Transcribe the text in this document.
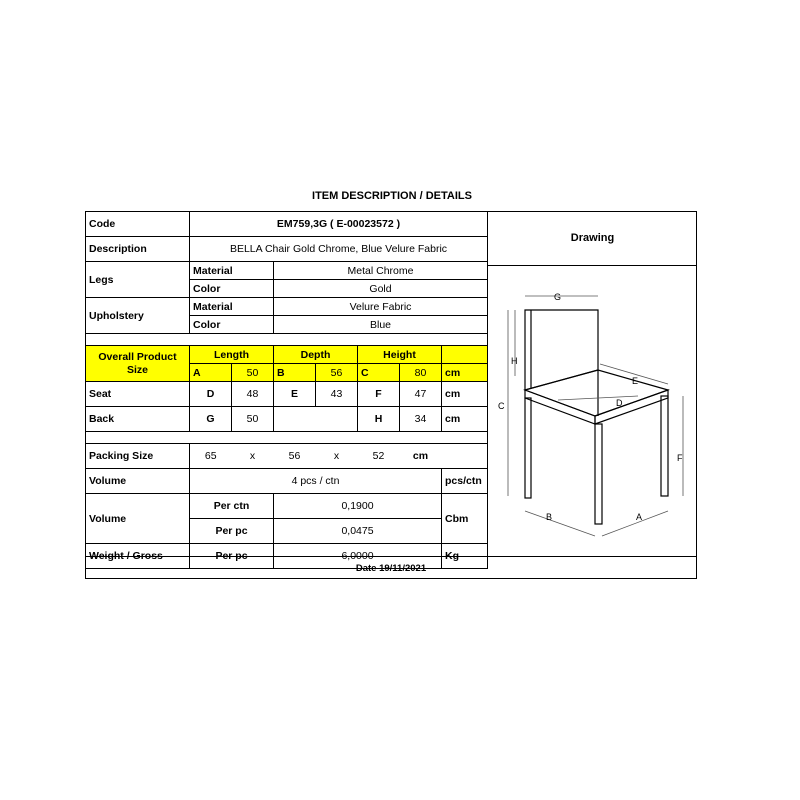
ITEM DESCRIPTION / DETAILS
Code	EM759,3G ( E-00023572 )						
Description	BELLA Chair Gold Chrome, Blue Velure Fabric						
Legs	Material		Metal Chrome				
	Color		Gold				
Upholstery	Material		Velure Fabric				
	Color		Blue				

Overall Product Size	Length		Depth		Height		
	A	50	B	56	C	80	cm
Seat	D	48	E	43	F	47	cm
Back	G	50			H	34	cm

Packing Size	65	x	56	x	52	cm	
Volume	4 pcs / ctn						pcs/ctn
Volume	Per ctn		0,1900				Cbm
	Per pc		0,0475				
Weight / Gross	Per pc		6,0000				Kg
Drawing
G
H
C
E
D
F
B	A
Date 19/11/2021
